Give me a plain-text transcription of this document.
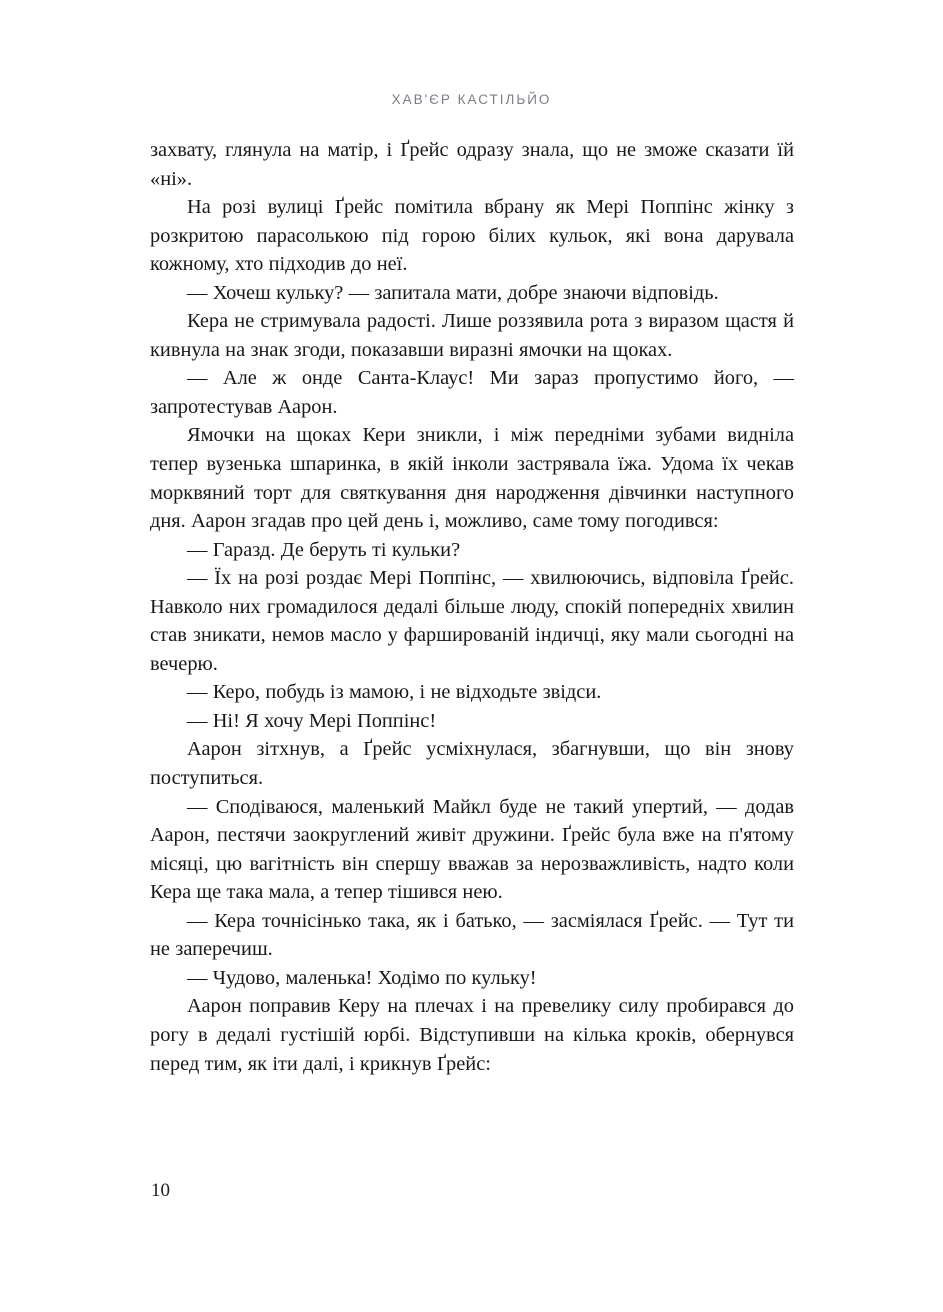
ХАВ'ЄР КАСТІЛЬЙО

захвату, глянула на матір, і Ґрейс одразу знала, що не зможе сказати їй «ні».

На розі вулиці Ґрейс помітила вбрану як Мері Поппінс жінку з розкритою парасолькою під горою білих кульок, які вона дарувала кожному, хто підходив до неї.

— Хочеш кульку? — запитала мати, добре знаючи відповідь.

Кера не стримувала радості. Лише роззявила рота з виразом щастя й кивнула на знак згоди, показавши виразні ямочки на щоках.

— Але ж онде Санта-Клаус! Ми зараз пропустимо його, — запротестував Аарон.

Ямочки на щоках Кери зникли, і між передніми зубами видніла тепер вузенька шпаринка, в якій інколи застрявала їжа. Удома їх чекав морквяний торт для святкування дня народження дівчинки наступного дня. Аарон згадав про цей день і, можливо, саме тому погодився:

— Гаразд. Де беруть ті кульки?

— Їх на розі роздає Мері Поппінс, — хвилюючись, відповіла Ґрейс. Навколо них громадилося дедалі більше люду, спокій попередніх хвилин став зникати, немов масло у фаршированій індичці, яку мали сьогодні на вечерю.

— Керо, побудь із мамою, і не відходьте звідси.

— Ні! Я хочу Мері Поппінс!

Аарон зітхнув, а Ґрейс усміхнулася, збагнувши, що він знову поступиться.

— Сподіваюся, маленький Майкл буде не такий упертий, — додав Аарон, пестячи заокруглений живіт дружини. Ґрейс була вже на п'ятому місяці, цю вагітність він спершу вважав за нерозважливість, надто коли Кера ще така мала, а тепер тішився нею.

— Кера точнісінько така, як і батько, — засміялася Ґрейс. — Тут ти не заперечиш.

— Чудово, маленька! Ходімо по кульку!

Аарон поправив Керу на плечах і на превелику силу пробирався до рогу в дедалі густішій юрбі. Відступивши на кілька кроків, обернувся перед тим, як іти далі, і крикнув Ґрейс:

10
